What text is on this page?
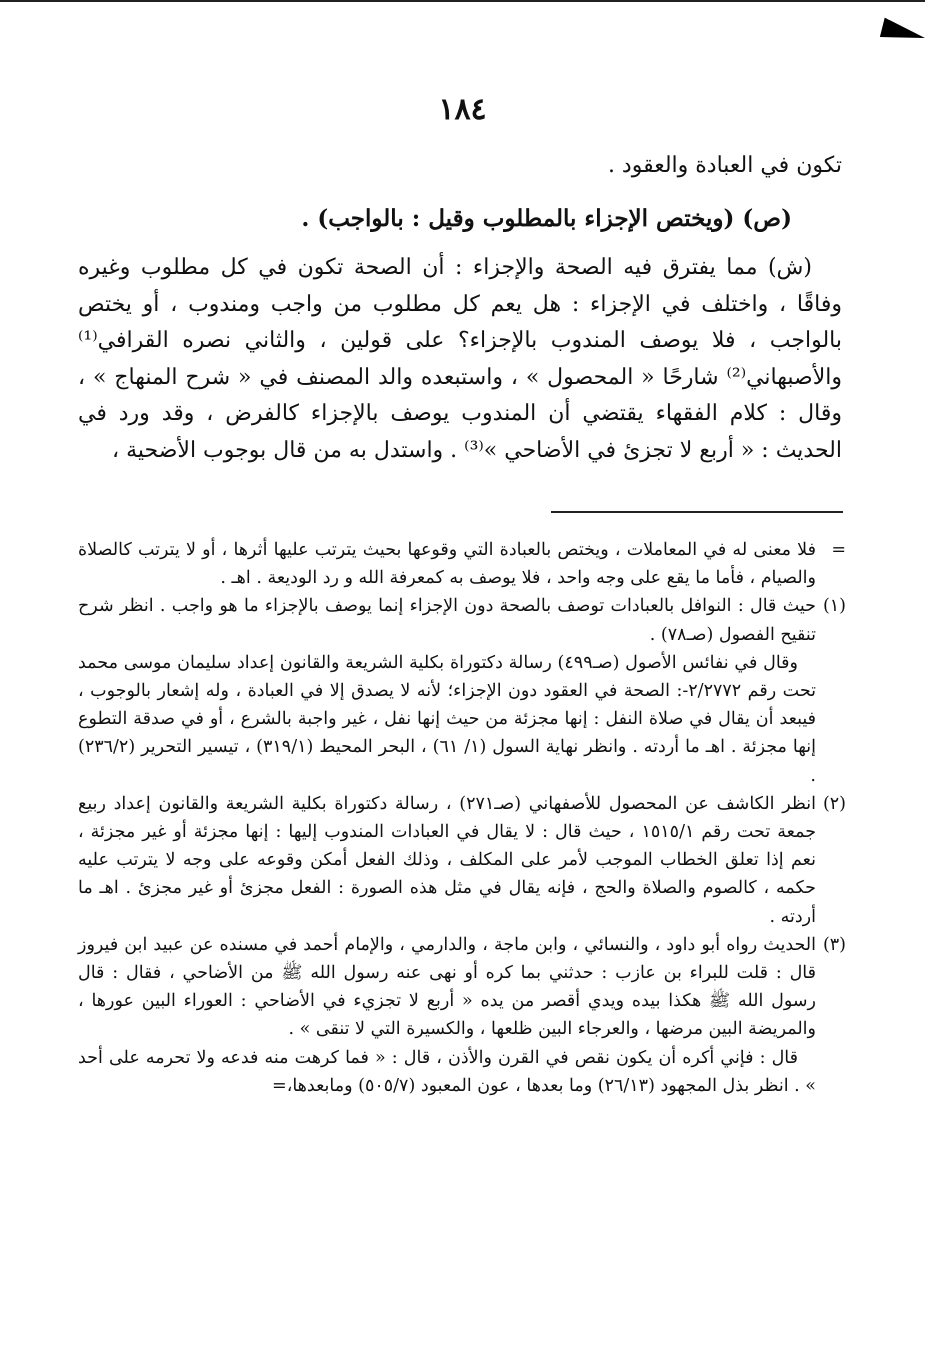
١٨٤

تكون في العبادة والعقود .

(ص) (ويختص الإجزاء بالمطلوب وقيل : بالواجب) .

(ش) مما يفترق فيه الصحة والإجزاء : أن الصحة تكون في كل مطلوب وغيره وفاقًا ، واختلف في الإجزاء : هل يعم كل مطلوب من واجب ومندوب ، أو يختص بالواجب ، فلا يوصف المندوب بالإجزاء؟ على قولين ، والثاني نصره القرافي⁽¹⁾ والأصبهاني⁽²⁾ شارحًا « المحصول » ، واستبعده والد المصنف في « شرح المنهاج » ، وقال : كلام الفقهاء يقتضي أن المندوب يوصف بالإجزاء كالفرض ، وقد ورد في الحديث : « أربع لا تجزئ في الأضاحي »⁽³⁾ . واستدل به من قال بوجوب الأضحية ،

=

فلا معنى له في المعاملات ، ويختص بالعبادة التي وقوعها بحيث يترتب عليها أثرها ، أو لا يترتب كالصلاة والصيام ، فأما ما يقع على وجه واحد ، فلا يوصف به كمعرفة الله و رد الوديعة . اهـ .

(١)

حيث قال : النوافل بالعبادات توصف بالصحة دون الإجزاء إنما يوصف بالإجزاء ما هو واجب . انظر شرح تنقيح الفصول (صـ٧٨) .

وقال في نفائس الأصول (صـ٤٩٩) رسالة دكتوراة بكلية الشريعة والقانون إعداد سليمان موسى محمد تحت رقم ٢/٢٧٧٢-: الصحة في العقود دون الإجزاء؛ لأنه لا يصدق إلا في العبادة ، وله إشعار بالوجوب ، فيبعد أن يقال في صلاة النفل : إنها مجزئة من حيث إنها نفل ، غير واجبة بالشرع ، أو في صدقة التطوع إنها مجزئة . اهـ ما أردته . وانظر نهاية السول (١/ ٦١) ، البحر المحيط (٣١٩/١) ، تيسير التحرير (٢٣٦/٢) .

(٢)

انظر الكاشف عن المحصول للأصفهاني (صـ٢٧١) ، رسالة دكتوراة بكلية الشريعة والقانون إعداد ربيع جمعة تحت رقم ١٥١٥/١ ، حيث قال : لا يقال في العبادات المندوب إليها : إنها مجزئة أو غير مجزئة ، نعم إذا تعلق الخطاب الموجب لأمر على المكلف ، وذلك الفعل أمكن وقوعه على وجه لا يترتب عليه حكمه ، كالصوم والصلاة والحج ، فإنه يقال في مثل هذه الصورة : الفعل مجزئ أو غير مجزئ . اهـ ما أردته .

(٣)

الحديث رواه أبو داود ، والنسائي ، وابن ماجة ، والدارمي ، والإمام أحمد في مسنده عن عبيد ابن فيروز قال : قلت للبراء بن عازب : حدثني بما كره أو نهى عنه رسول الله ﷺ من الأضاحي ، فقال : قال رسول الله ﷺ هكذا بيده ويدي أقصر من يده « أربع لا تجزيء في الأضاحي : العوراء البين عورها ، والمريضة البين مرضها ، والعرجاء البين ظلعها ، والكسيرة التي لا تنقى » .

قال : فإني أكره أن يكون نقص في القرن والأذن ، قال : « فما كرهت منه فدعه ولا تحرمه على أحد » . انظر بذل المجهود (٢٦/١٣) وما بعدها ، عون المعبود (٥٠٥/٧) ومابعدها،=
